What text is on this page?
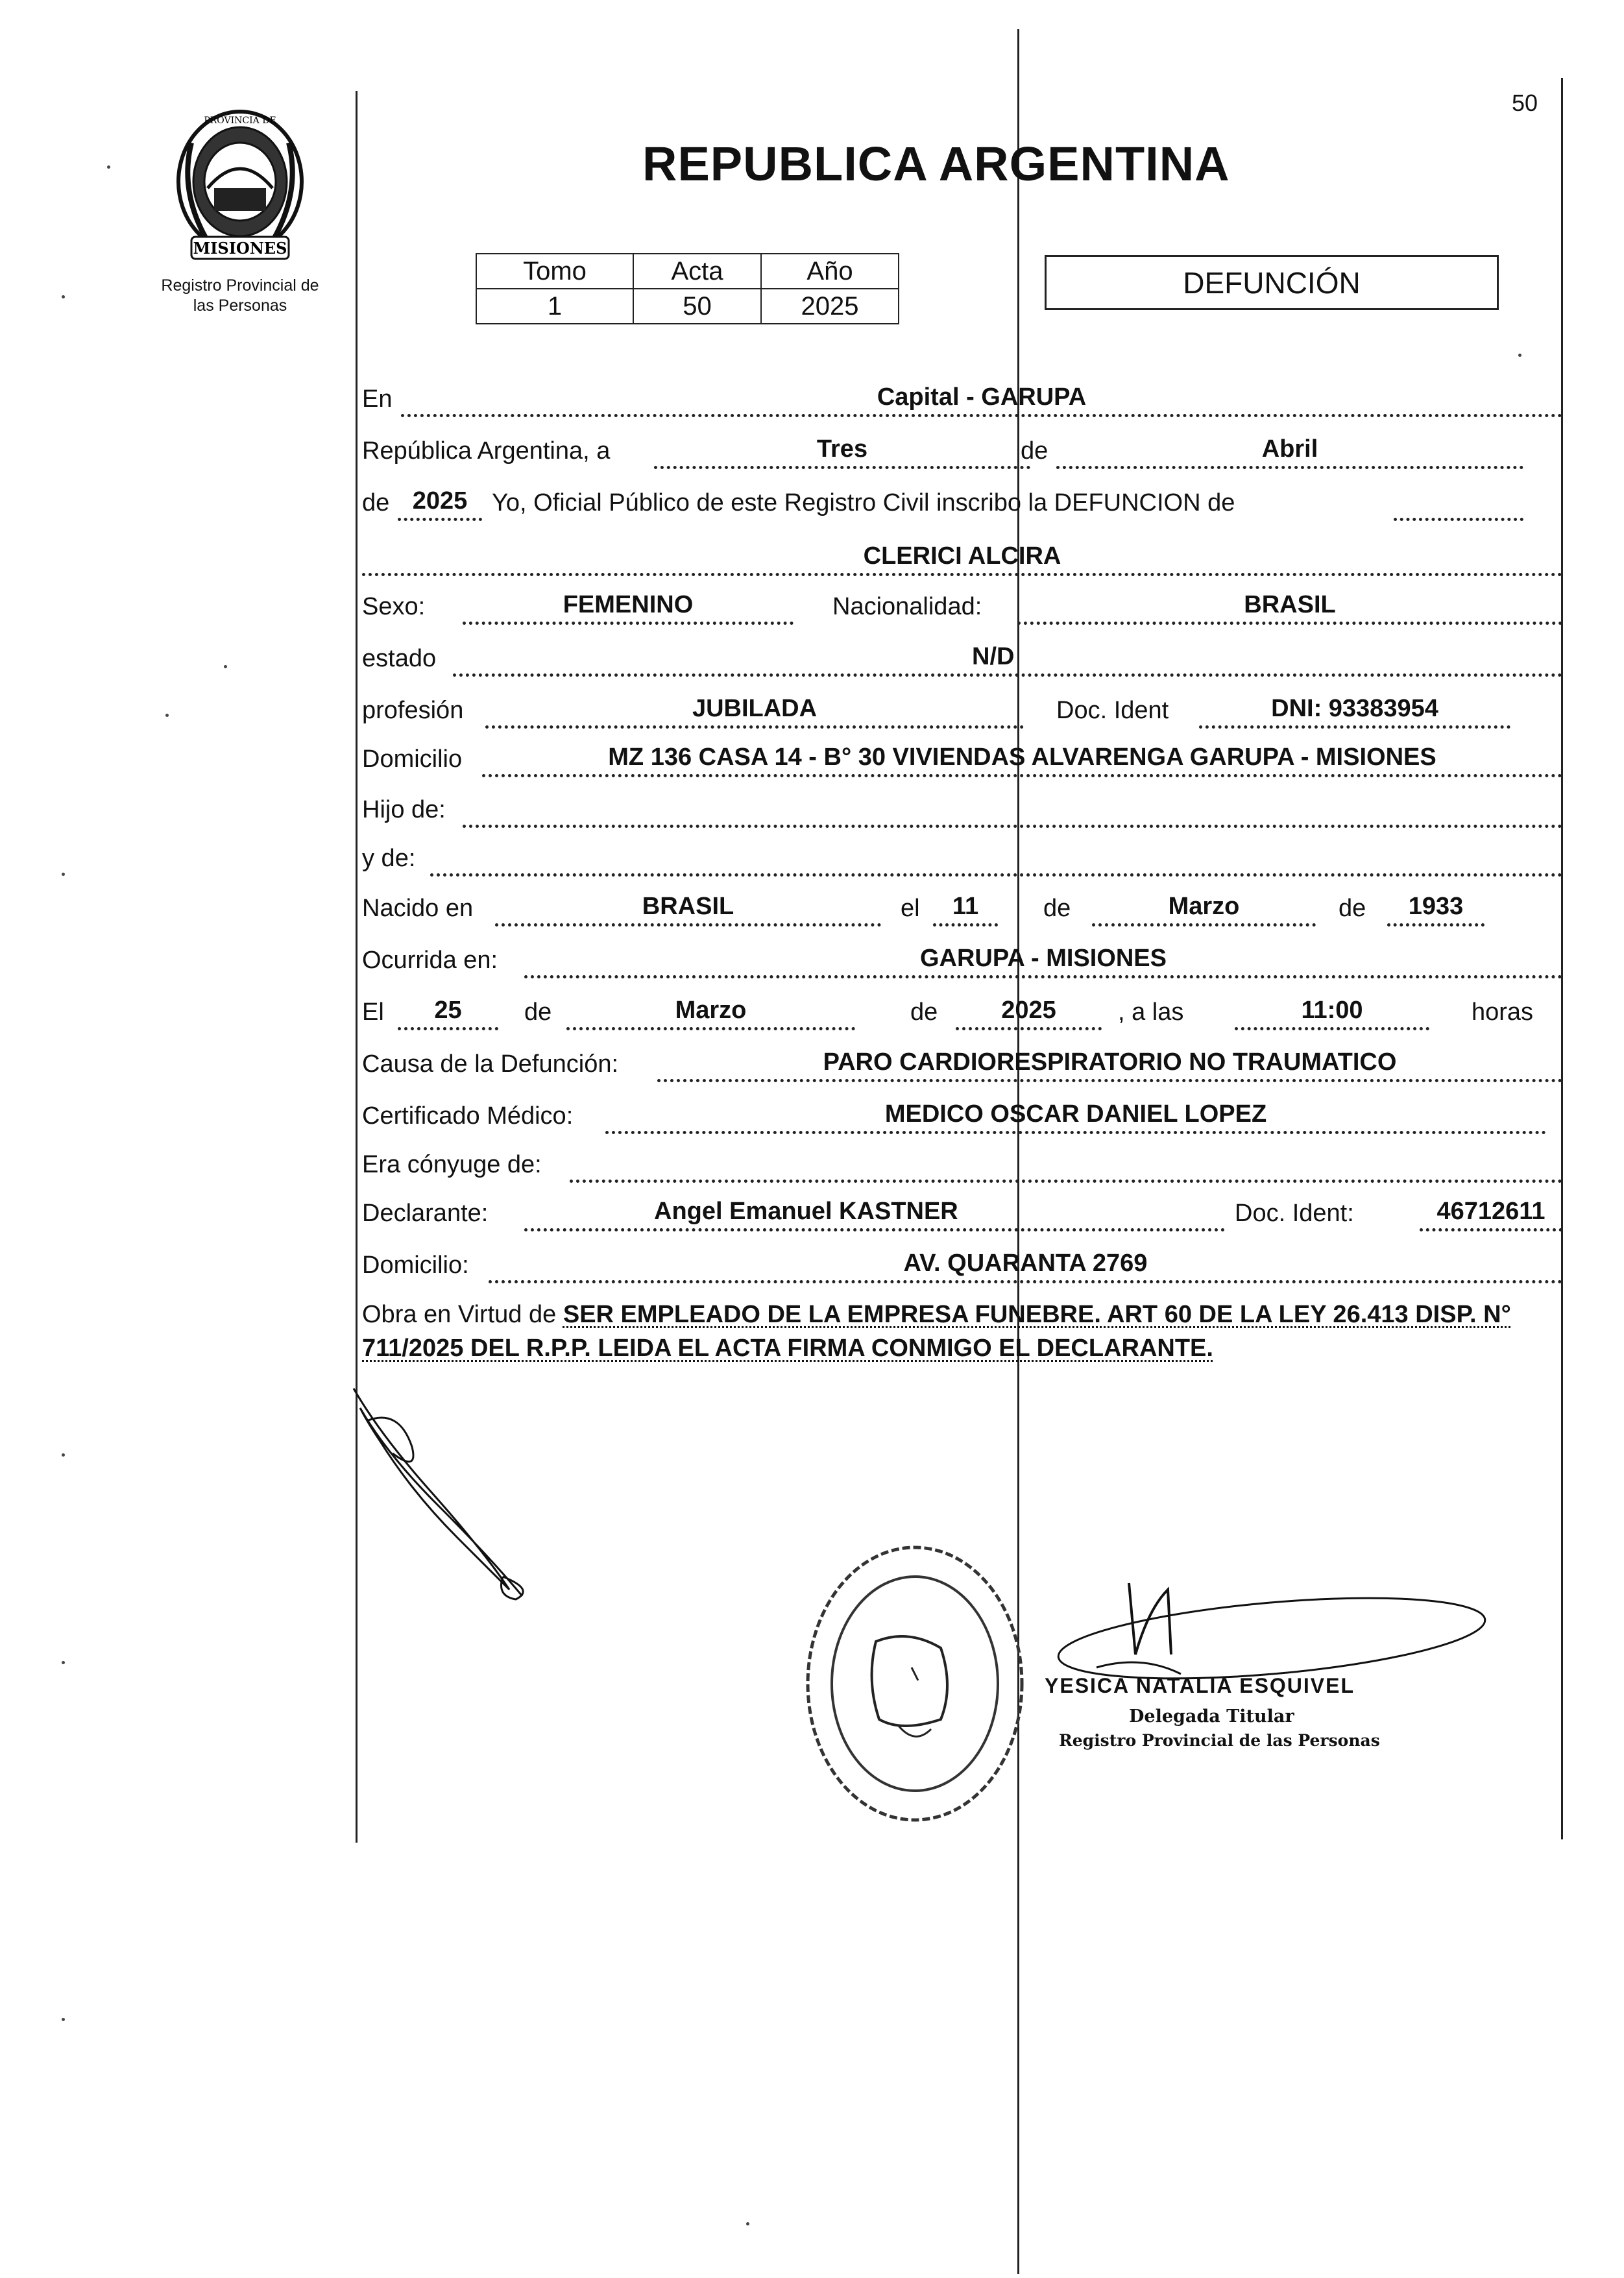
MISIONES
PROVINCIA DE
Registro Provincial de
las Personas
50
REPUBLICA ARGENTINA
Tomo	Acta	Año
1	50	2025
DEFUNCIÓN
En	Capital - GARUPA
República Argentina, a	Tres	de	Abril
de 2025 Yo, Oficial Público de este Registro Civil inscribo la DEFUNCION de
CLERICI ALCIRA
Sexo:	FEMENINO	Nacionalidad:	BRASIL
estado	N/D
profesión	JUBILADA	Doc. Ident	DNI: 93383954
Domicilio	MZ 136 CASA 14 - B° 30 VIVIENDAS ALVARENGA GARUPA - MISIONES
Hijo de:
y de:
Nacido en	BRASIL	el	11	de	Marzo	de	1933
Ocurrida en:	GARUPA - MISIONES
El	25	de	Marzo	de	2025	, a las	11:00	horas
Causa de la Defunción:	PARO CARDIORESPIRATORIO NO TRAUMATICO
Certificado Médico:	MEDICO OSCAR DANIEL LOPEZ
Era cónyuge de:
Declarante:	Angel Emanuel KASTNER	Doc. Ident:	46712611
Domicilio:	AV. QUARANTA 2769
Obra en Virtud de SER EMPLEADO DE LA EMPRESA FUNEBRE. ART 60 DE LA LEY 26.413 DISP. N° 711/2025 DEL R.P.P. LEIDA EL ACTA FIRMA CONMIGO EL DECLARANTE.
YESICA NATALIA ESQUIVEL
Delegada Titular
Registro Provincial de las Personas
